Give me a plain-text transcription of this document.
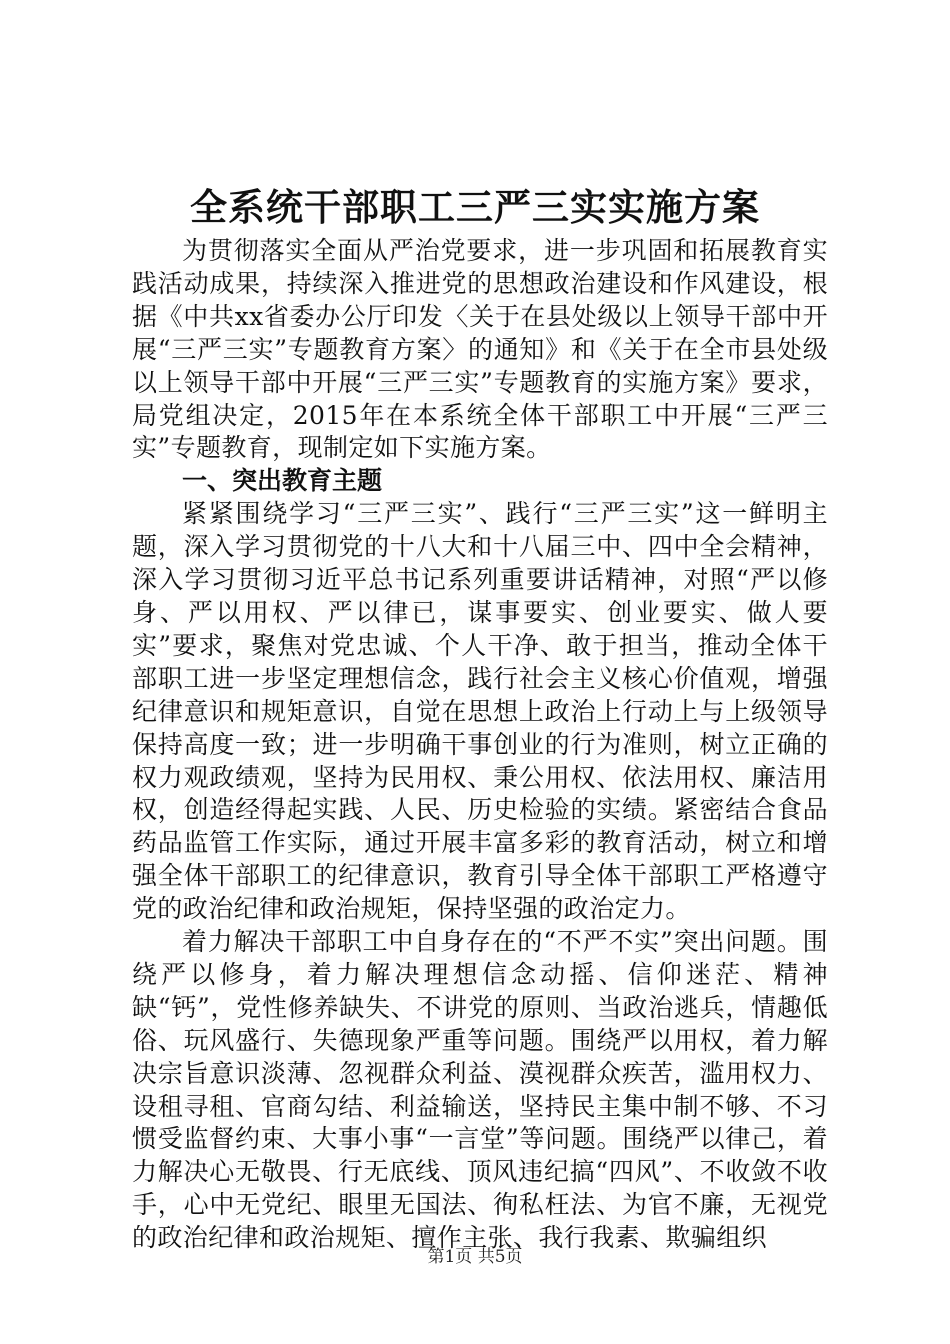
全系统干部职工三严三实实施方案

为贯彻落实全面从严治党要求，进一步巩固和拓展教育实践活动成果，持续深入推进党的思想政治建设和作风建设，根据《中共xx省委办公厅印发〈关于在县处级以上领导干部中开展“三严三实”专题教育方案〉的通知》和《关于在全市县处级以上领导干部中开展“三严三实”专题教育的实施方案》要求，局党组决定，2015年在本系统全体干部职工中开展“三严三实”专题教育，现制定如下实施方案。

一、突出教育主题

紧紧围绕学习“三严三实”、践行“三严三实”这一鲜明主题，深入学习贯彻党的十八大和十八届三中、四中全会精神，深入学习贯彻习近平总书记系列重要讲话精神，对照“严以修身、严以用权、严以律已，谋事要实、创业要实、做人要实”要求，聚焦对党忠诚、个人干净、敢于担当，推动全体干部职工进一步坚定理想信念，践行社会主义核心价值观，增强纪律意识和规矩意识，自觉在思想上政治上行动上与上级领导保持高度一致；进一步明确干事创业的行为准则，树立正确的权力观政绩观，坚持为民用权、秉公用权、依法用权、廉洁用权，创造经得起实践、人民、历史检验的实绩。紧密结合食品药品监管工作实际，通过开展丰富多彩的教育活动，树立和增强全体干部职工的纪律意识，教育引导全体干部职工严格遵守党的政治纪律和政治规矩，保持坚强的政治定力。

着力解决干部职工中自身存在的“不严不实”突出问题。围绕严以修身，着力解决理想信念动摇、信仰迷茫、精神缺“钙”，党性修养缺失、不讲党的原则、当政治逃兵，情趣低俗、玩风盛行、失德现象严重等问题。围绕严以用权，着力解决宗旨意识淡薄、忽视群众利益、漠视群众疾苦，滥用权力、设租寻租、官商勾结、利益输送，坚持民主集中制不够、不习惯受监督约束、大事小事“一言堂”等问题。围绕严以律己，着力解决心无敬畏、行无底线、顶风违纪搞“四风”、不收敛不收手，心中无党纪、眼里无国法、徇私枉法、为官不廉，无视党的政治纪律和政治规矩、擅作主张、我行我素、欺骗组织

第1页 共5页
